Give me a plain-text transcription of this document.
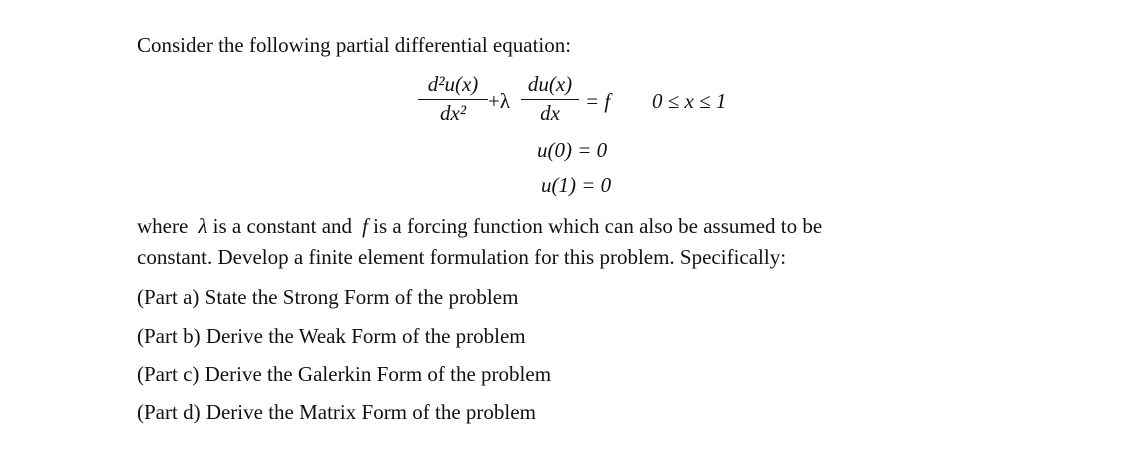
Consider the following partial differential equation:
d²u(x)
dx²	+λ
du(x)
dx	= f 0 ≤ x ≤ 1
u(0) = 0
u(1) = 0
where λ is a constant and f is a forcing function which can also be assumed to be
constant. Develop a finite element formulation for this problem. Specifically:
(Part a) State the Strong Form of the problem
(Part b) Derive the Weak Form of the problem
(Part c) Derive the Galerkin Form of the problem
(Part d) Derive the Matrix Form of the problem
